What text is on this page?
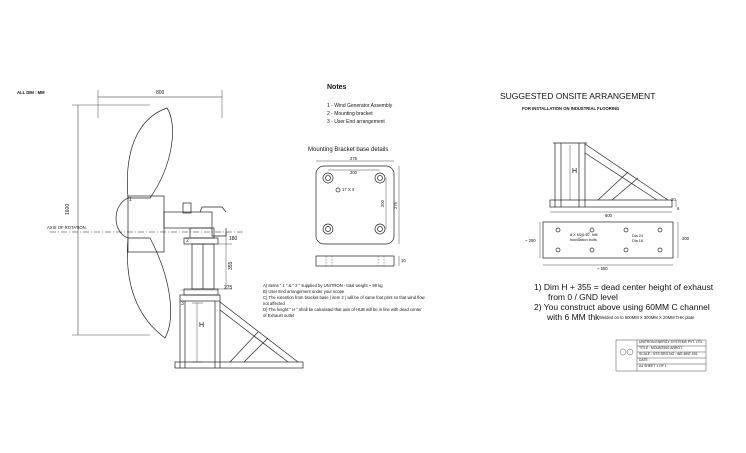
ALL DIM : MM	800
1600
AXIS OF ROTATION
1
2
3
180
355
275
H
Notes
1 - Wind Generator Assembly
2 - Mounting bracket
3 - User End arrangement
Mounting Bracket base details
275
200
17 X 4
200 275
10
A) Items " 1 " & " 2 " supplied by UNITRON - total weight ~ 90 kg
B) User End arrangement under your scope
C) The extention from bracket base ( item 2 ) will be of same foot print so that wind flow
not affected
D) The height " H " shall be calculated that axis of HUB will be in line with dead center
of Exhaust outlet
SUGGESTED ONSITE ARRANGEMENT
FOR INSTALLATION ON INDUSTRIAL FLOORING
H
600
20
6
~ 250	300
~ 550
8 X M20 10" hilti
foundation bolts
Dia 24
Dia 18
1) Dim H + 355 = dead center height of exhaust
from 0 / GND level
2) You construct above using 60MM C channel
with 6 MM thk Welded on to 600MM X 300MM X 20MM THK plate
UNITRON ENERGY SYSTEMS PVT. LTD.
TITLE : MOUNTING ARRGT.
SCALE : NTS DRG NO : WE-MNT-001
DATE :
A4 SHEET 1 OF 1
